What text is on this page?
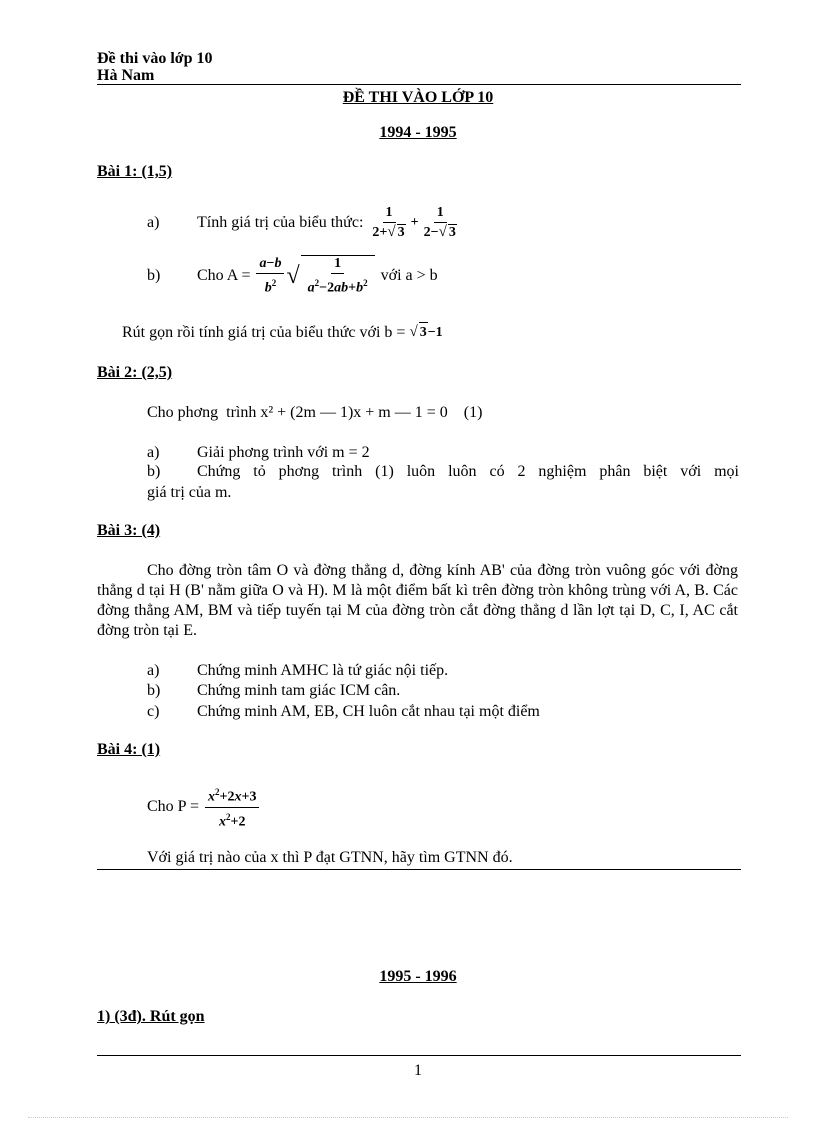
Đề thi vào lớp 10
Hà Nam
ĐỀ THI VÀO LỚP 10
1994 - 1995
Bài 1: (1,5)
a)	Tính giá trị của biểu thức: $\frac{1}{2+√ 3} + \frac{1}{2-√ 3}$
b)	Cho $A = \frac{a-b}{b^2}$ √ $\frac{1}{a^2-2ab+b^2}$ với a > b
Rút gọn rồi tính giá trị của biểu thức với b = √ 3−1
Bài 2: (2,5)
Cho phơng  trình x² + (2m — 1)x + m — 1 = 0    (1)
a) Giải phơng trình với m = 2
b)	Chứng tỏ phơng trình (1) luôn luôn có 2 nghiệm phân biệt với mọi
giá trị của m.
Bài 3: (4)
Cho đờng tròn tâm O và đờng thẳng d, đờng kính AB' của đờng tròn vuông góc với đờng thẳng d tại H (B' nằm giữa O và H). M là một điểm bất kì trên đờng tròn không trùng với A, B. Các đờng thẳng AM, BM và tiếp tuyến tại M của đờng tròn cắt đờng thẳng d lần lợt tại D, C, I, AC cắt đờng tròn tại E.
a) Chứng minh AMHC là tứ giác nội tiếp.
b) Chứng minh tam giác ICM cân.
c) Chứng minh AM, EB, CH luôn cắt nhau tại một điểm
Bài 4: (1)
Cho $P = \frac{x^2+2x+3}{x^2+2}$
Với giá trị nào của x thì P đạt GTNN, hãy tìm GTNN đó.
1995 - 1996
1) (3đ). Rút gọn
1
